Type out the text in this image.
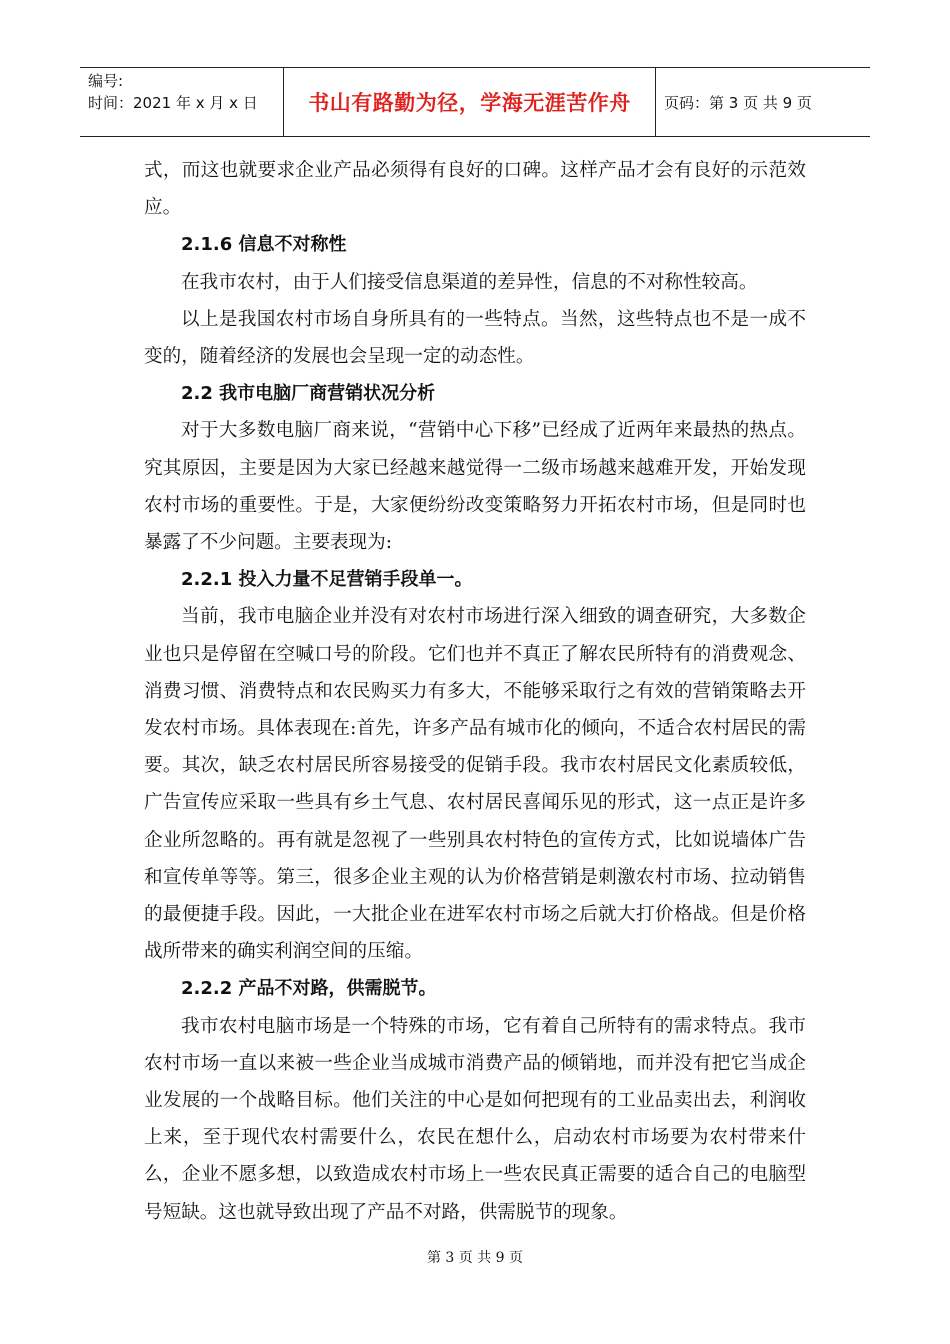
编号:
时间：2021 年 x 月 x 日	书山有路勤为径，学海无涯苦作舟 页码：第 3 页 共 9 页

式，而这也就要求企业产品必须得有良好的口碑。这样产品才会有良好的示范效应。

2.1.6 信息不对称性

在我市农村，由于人们接受信息渠道的差异性，信息的不对称性较高。

以上是我国农村市场自身所具有的一些特点。当然，这些特点也不是一成不变的，随着经济的发展也会呈现一定的动态性。

2.2 我市电脑厂商营销状况分析

对于大多数电脑厂商来说，“营销中心下移”已经成了近两年来最热的热点。究其原因，主要是因为大家已经越来越觉得一二级市场越来越难开发，开始发现农村市场的重要性。于是，大家便纷纷改变策略努力开拓农村市场，但是同时也暴露了不少问题。主要表现为:

2.2.1 投入力量不足营销手段单一。

当前，我市电脑企业并没有对农村市场进行深入细致的调查研究，大多数企业也只是停留在空喊口号的阶段。它们也并不真正了解农民所特有的消费观念、消费习惯、消费特点和农民购买力有多大，不能够采取行之有效的营销策略去开发农村市场。具体表现在:首先，许多产品有城市化的倾向，不适合农村居民的需要。其次，缺乏农村居民所容易接受的促销手段。我市农村居民文化素质较低，广告宣传应采取一些具有乡土气息、农村居民喜闻乐见的形式，这一点正是许多企业所忽略的。再有就是忽视了一些别具农村特色的宣传方式，比如说墙体广告和宣传单等等。第三，很多企业主观的认为价格营销是刺激农村市场、拉动销售的最便捷手段。因此，一大批企业在进军农村市场之后就大打价格战。但是价格战所带来的确实利润空间的压缩。

2.2.2 产品不对路，供需脱节。

我市农村电脑市场是一个特殊的市场，它有着自己所特有的需求特点。我市农村市场一直以来被一些企业当成城市消费产品的倾销地，而并没有把它当成企业发展的一个战略目标。他们关注的中心是如何把现有的工业品卖出去，利润收上来，至于现代农村需要什么，农民在想什么，启动农村市场要为农村带来什么，企业不愿多想，以致造成农村市场上一些农民真正需要的适合自己的电脑型号短缺。这也就导致出现了产品不对路，供需脱节的现象。

第 3 页 共 9 页
